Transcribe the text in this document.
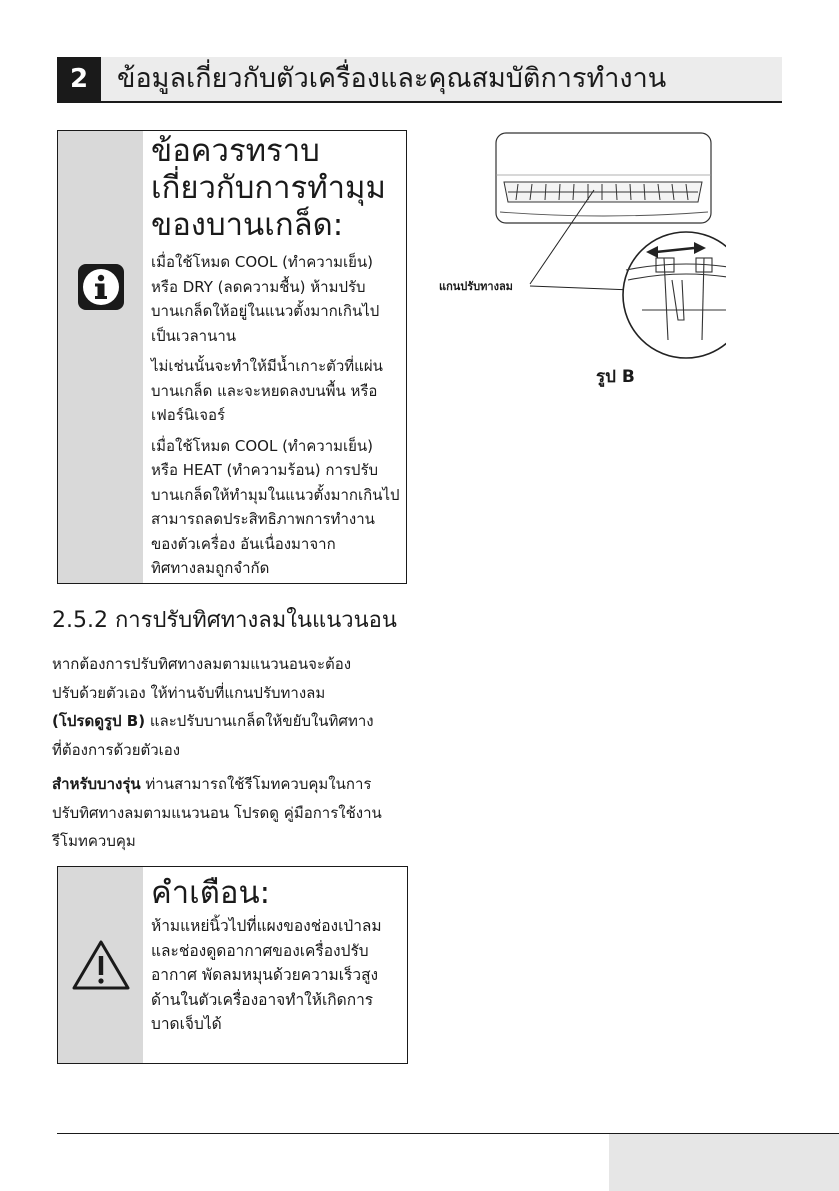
2	ข้อมูลเกี่ยวกับตัวเครื่องและคุณสมบัติการทำงาน
ข้อควรทราบ
เกี่ยวกับการทำมุม
ของบานเกล็ด:
เมื่อใช้โหมด COOL (ทำความเย็น)
หรือ DRY (ลดความชื้น) ห้ามปรับ
บานเกล็ดให้อยู่ในแนวตั้งมากเกินไป
เป็นเวลานาน
ไม่เช่นนั้นจะทำให้มีน้ำเกาะตัวที่แผ่น
บานเกล็ด และจะหยดลงบนพื้น หรือ
เฟอร์นิเจอร์
เมื่อใช้โหมด COOL (ทำความเย็น)
หรือ HEAT (ทำความร้อน) การปรับ
บานเกล็ดให้ทำมุมในแนวตั้งมากเกินไป
สามารถลดประสิทธิภาพการทำงาน
ของตัวเครื่อง อันเนื่องมาจาก
ทิศทางลมถูกจำกัด
แกนปรับทางลม
รูป B
2.5.2 การปรับทิศทางลมในแนวนอน

หากต้องการปรับทิศทางลมตามแนวนอนจะต้อง
ปรับด้วยตัวเอง ให้ท่านจับที่แกนปรับทางลม
(โปรดดูรูป B) และปรับบานเกล็ดให้ขยับในทิศทาง
ที่ต้องการด้วยตัวเอง

สำหรับบางรุ่น ท่านสามารถใช้รีโมทควบคุมในการ
ปรับทิศทางลมตามแนวนอน โปรดดู คู่มือการใช้งาน
รีโมทควบคุม

คำเตือน:
ห้ามแหย่นิ้วไปที่แผงของช่องเป่าลม
และช่องดูดอากาศของเครื่องปรับ
อากาศ พัดลมหมุนด้วยความเร็วสูง
ด้านในตัวเครื่องอาจทำให้เกิดการ
บาดเจ็บได้
